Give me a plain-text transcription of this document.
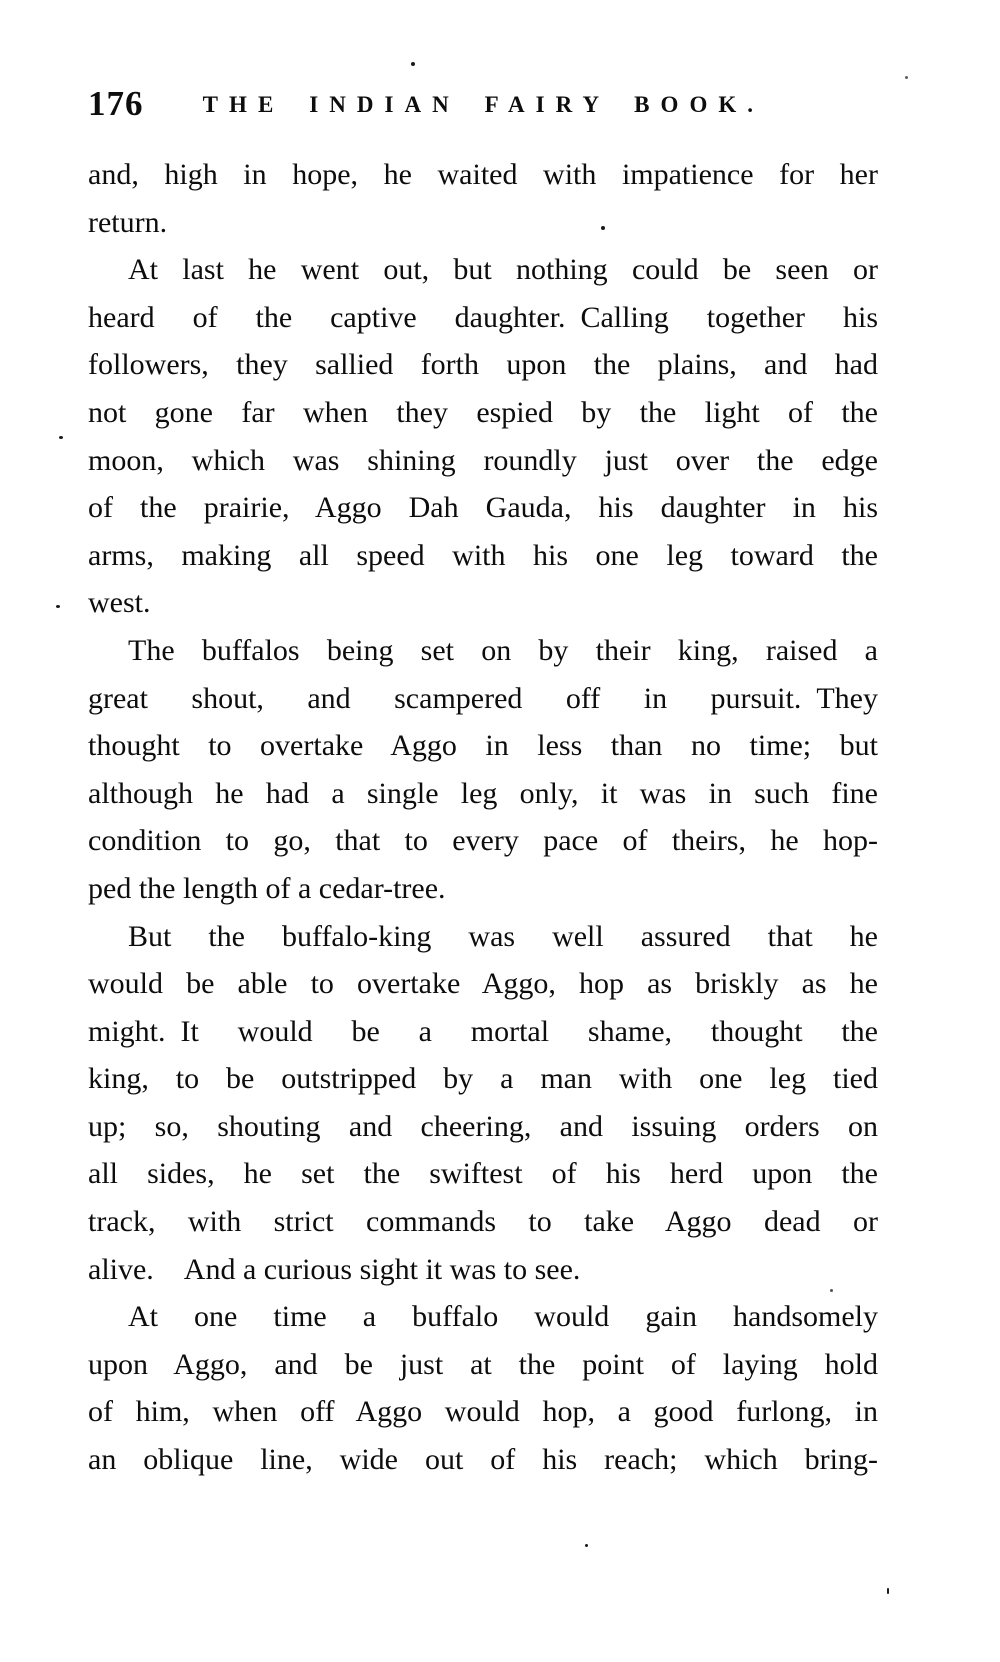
176	THE INDIAN FAIRY BOOK.
and, high in hope, he waited with impatience for her
return.
At last he went out, but nothing could be seen or
heard of the captive daughter. Calling together his
followers, they sallied forth upon the plains, and had
not gone far when they espied by the light of the
moon, which was shining roundly just over the edge
of the prairie, Aggo Dah Gauda, his daughter in his
arms, making all speed with his one leg toward the
west.
The buffalos being set on by their king, raised a
great shout, and scampered off in pursuit. They
thought to overtake Aggo in less than no time; but
although he had a single leg only, it was in such fine
condition to go, that to every pace of theirs, he hop-
ped the length of a cedar-tree.
But the buffalo-king was well assured that he
would be able to overtake Aggo, hop as briskly as he
might. It would be a mortal shame, thought the
king, to be outstripped by a man with one leg tied
up; so, shouting and cheering, and issuing orders on
all sides, he set the swiftest of his herd upon the
track, with strict commands to take Aggo dead or
alive.  And a curious sight it was to see.
At one time a buffalo would gain handsomely
upon Aggo, and be just at the point of laying hold
of him, when off Aggo would hop, a good furlong, in
an oblique line, wide out of his reach; which bring-
